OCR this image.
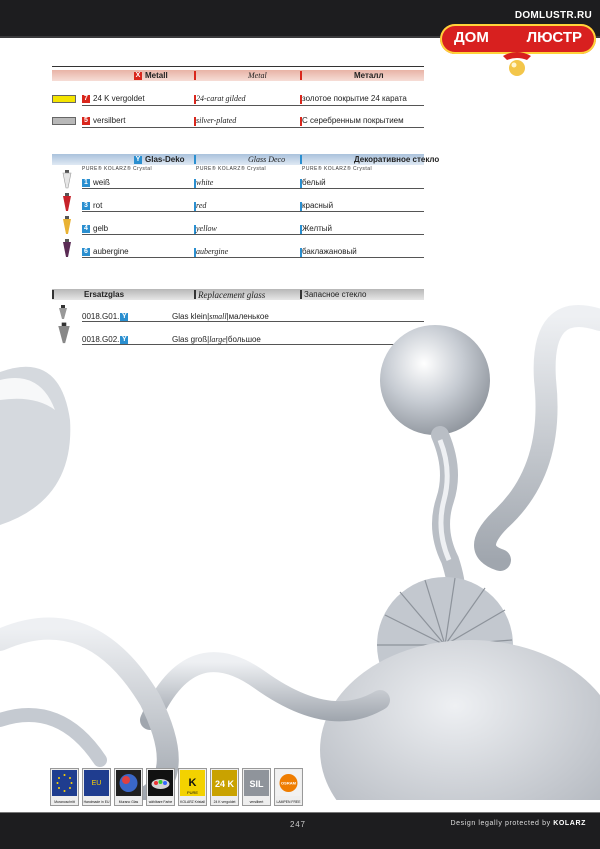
DOMLUSTR.RU
ДОМ	ЛЮСТР
X Metall	Metal	Металл
7 24 K vergoldet	24-carat gilded	золотое покрытие 24 карата
5 versilbert	silver-plated	С серебренным покрытием
Y Glas-Deko	Glass Deco	Декоративное стекло
PURE® KOLARZ® Crystal	PURE® KOLARZ® Crystal	PURE® KOLARZ® Crystal
1 weiß	white	белый
3 rot	red	красный
4 gelb	yellow	Желтый
6 aubergine	aubergine	баклажановый
Ersatzglas	Replacement glass	Запасное стекло
0018.G01. Y	Glas klein|small|маленькое
0018.G02. Y	Glas groß|large|большое
Muranoschritt
EU
Handmade in EU	Murano Glas	wählbare Farbe
K
PURE
KOLARZ Kristall
24 K
24 K vergoldet
SIL
versilbert
OSRAM
LAMPEN FREE
247	Design legally protected by KOLARZ
